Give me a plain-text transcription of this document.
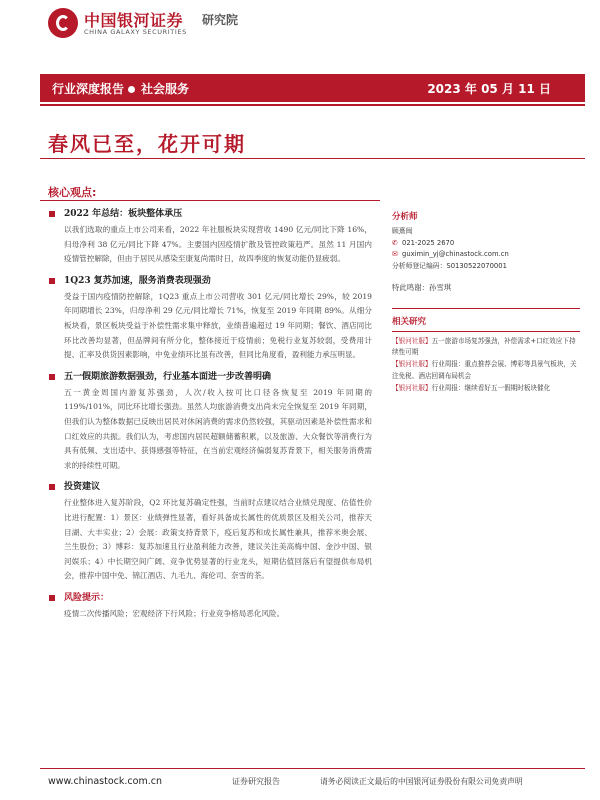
中国银河证券
CHINA GALAXY SECURITIES
研究院
行业深度报告 社会服务	2023 年 05 月 11 日
春风已至，花开可期
核心观点:
2022 年总结：板块整体承压

以我们选取的重点上市公司来看，2022 年社服板块实现营收 1490 亿元/同比下降 16%，归母净利 38 亿元/同比下降 47%。主要国内因疫情扩散及管控政策趋严。虽然 11 月国内疫情管控解除，但由于居民从感染至康复尚需时日，故四季度的恢复动能仍显疲弱。

1Q23 复苏加速，服务消费表现强劲

受益于国内疫情防控解除，1Q23 重点上市公司营收 301 亿元/同比增长 29%，较 2019 年同期增长 23%，归母净利 29 亿元/同比增长 71%，恢复至 2019 年同期 89%。从细分板块看，景区板块受益于补偿性需求集中释放，业绩普遍超过 19 年同期；餐饮、酒店同比环比改善均显著，但品牌间有所分化，整体接近于疫情前；免税行业复苏较弱，受费用计提、汇率及供货因素影响，中免业绩环比虽有改善，但同比角度看，盈利能力承压明显。

五一假期旅游数据强劲，行业基本面进一步改善明确

五一黄金周国内游复苏强劲，人次/收入按可比口径各恢复至 2019 年同期的 119%/101%，同比环比增长强劲。虽然人均旅游消费支出尚未完全恢复至 2019 年同期，但我们认为整体数据已反映出居民对休闲消费的需求仍然较强，其驱动因素是补偿性需求和口红效应的共振。我们认为，考虑国内居民超额储蓄积累，以及旅游、大众餐饮等消费行为具有低频、支出适中、获得感强等特征，在当前宏观经济偏弱复苏背景下，相关服务消费需求的持续性可期。

投资建议

行业整体进入复苏阶段，Q2 环比复苏确定性强，当前时点建议结合业绩兑现度、估值性价比进行配置：1）景区：业绩弹性显著，看好具备成长属性的优质景区及相关公司，推荐天目湖、大丰实业；2）会展：政策支持背景下，疫后复苏和成长属性兼具，推荐米奥会展、兰生股份；3）博彩：复苏加速且行业盈利能力改善，建议关注美高梅中国、金沙中国、银河娱乐；4）中长期空间广阔、竞争优势显著的行业龙头，短期估值回落后有望提供布局机会，推荐中国中免、锦江酒店、九毛九、海伦司、奈雪的茶。

风险提示：

疫情二次传播风险；宏观经济下行风险；行业竞争格局恶化风险。

分析师
顾熹闽
✆ 021-2025 2670
✉ guximin_yj@chinastock.com.cn
分析师登记编码：S0130522070001
特此鸣谢：孙雪琪
相关研究
【银河社服】五一旅游市场复苏强劲，补偿需求+口红效应下持续性可期
【银河社服】行业周报：重点推荐会展、博彩等具景气板块，关注免税、酒店回调布局机会
【银河社服】行业周报：继续看好五一假期时板块催化
www.chinastock.com.cn	证券研究报告	请务必阅读正文最后的中国银河证券股份有限公司免责声明
